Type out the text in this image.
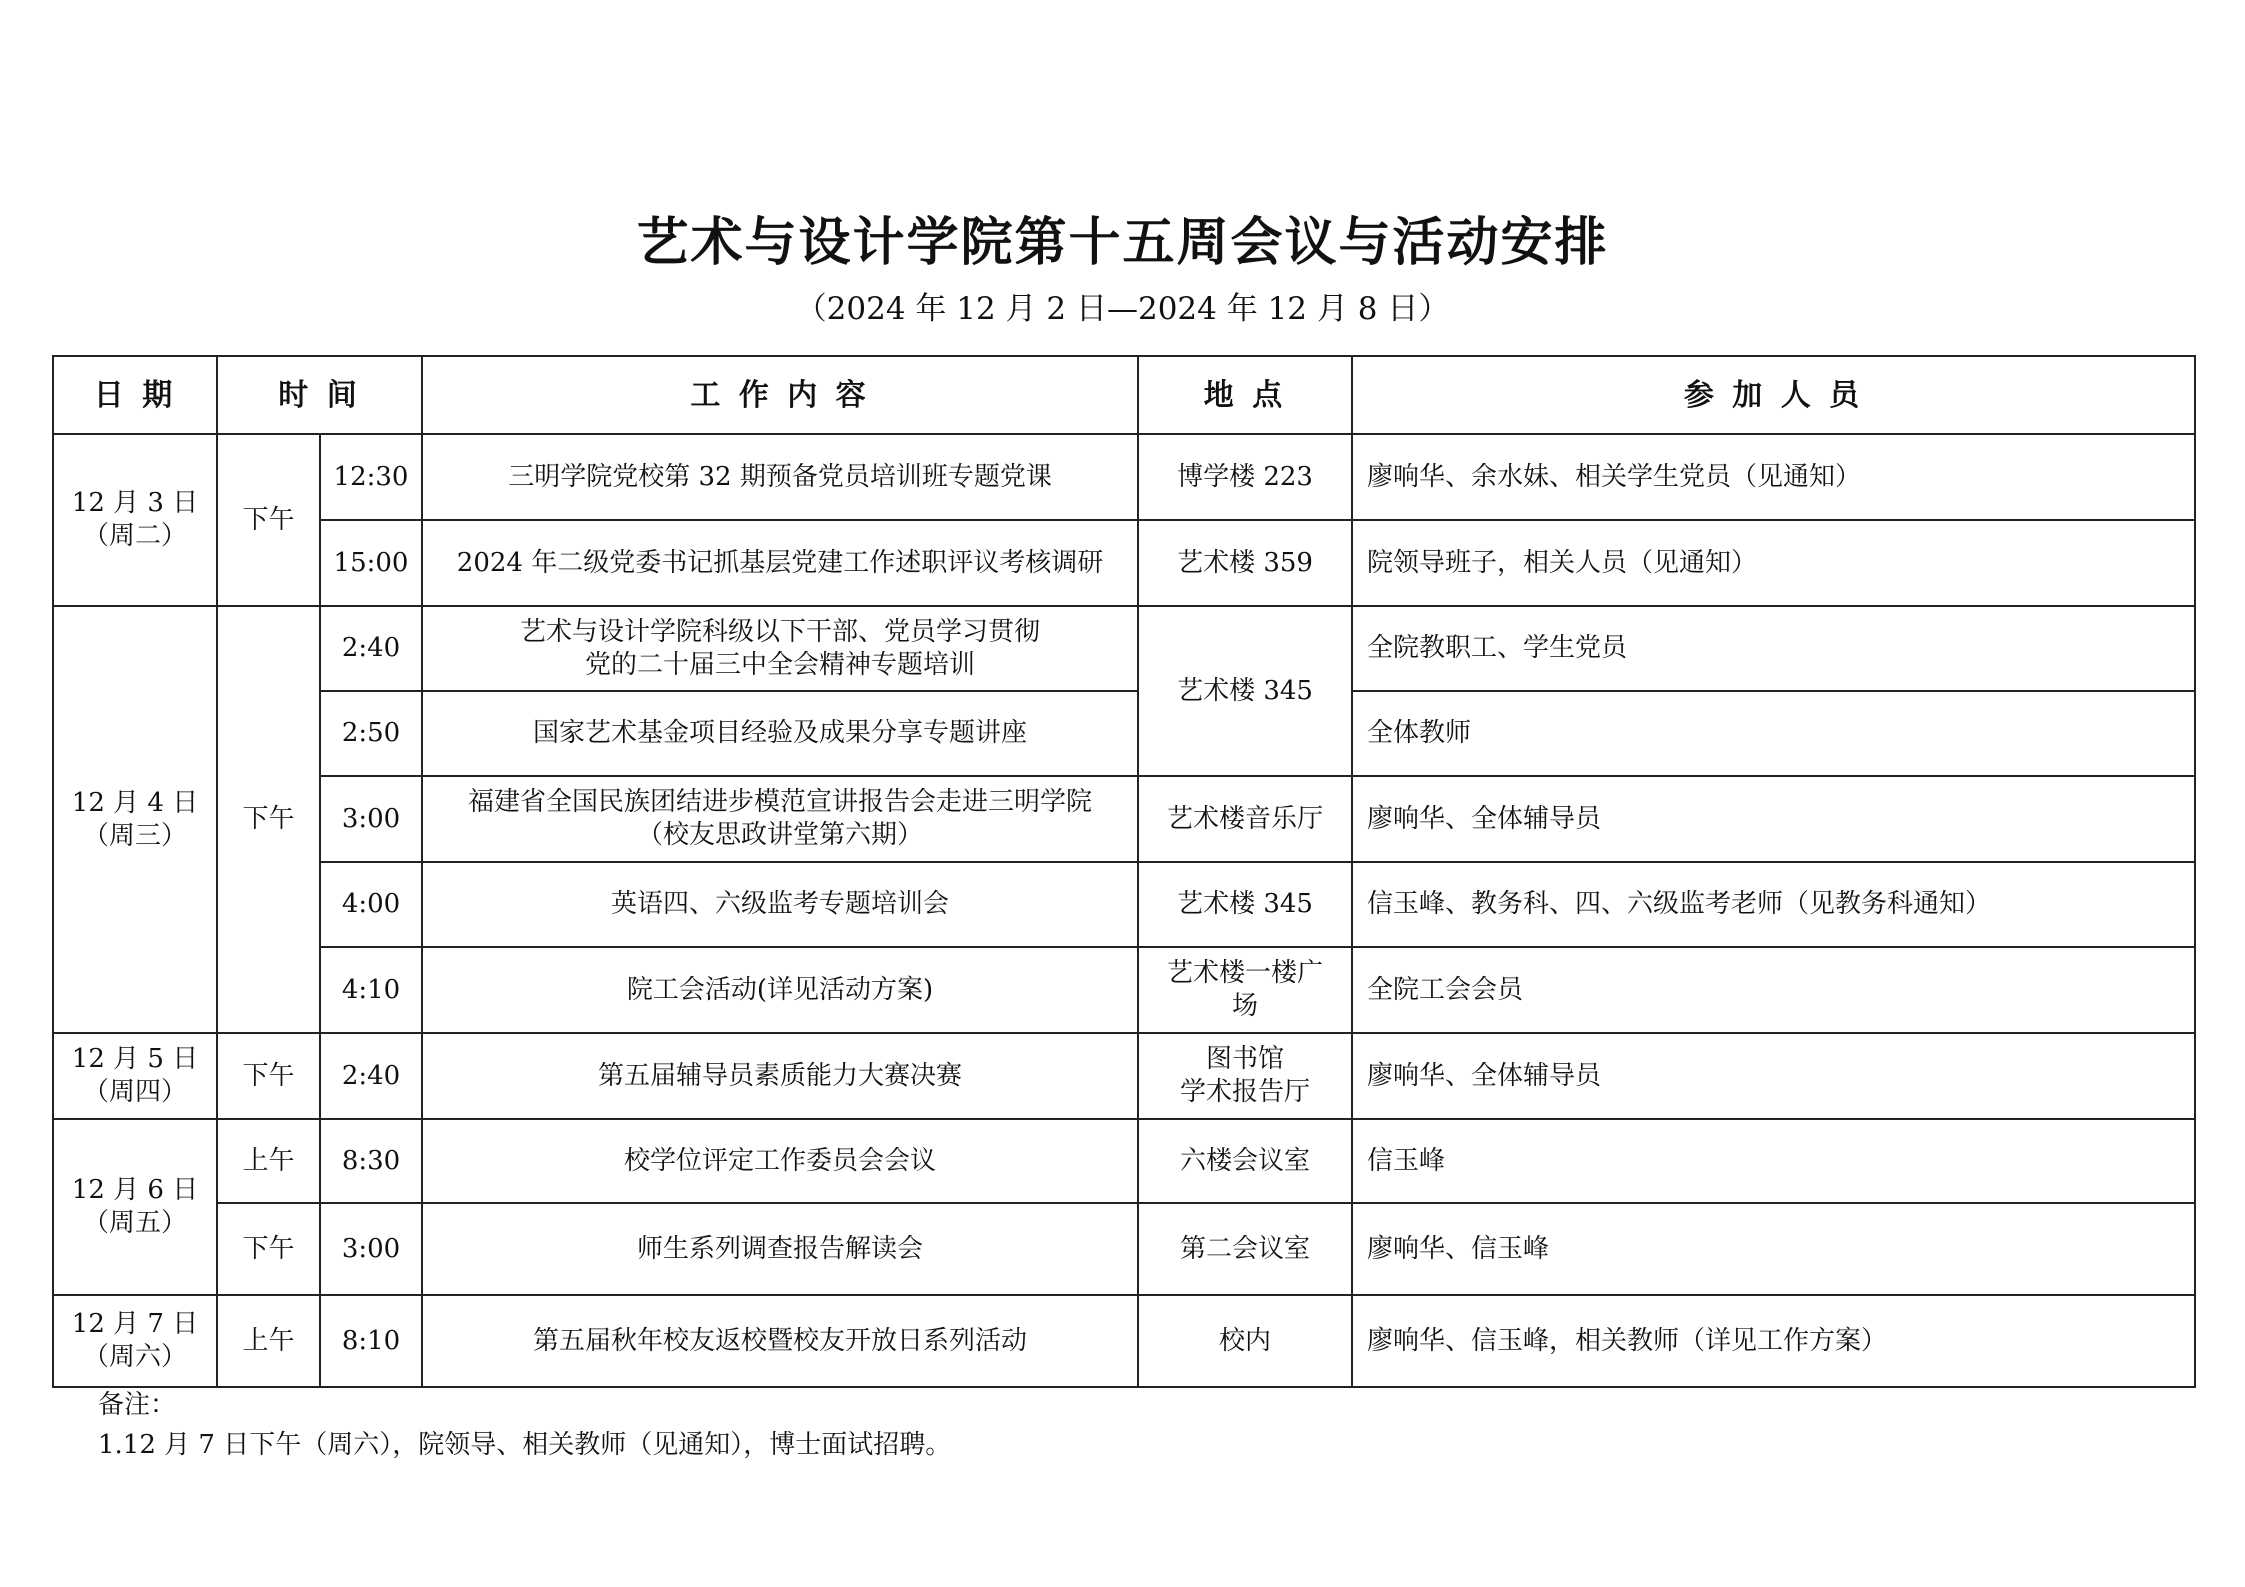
艺术与设计学院第十五周会议与活动安排
（2024 年 12 月 2 日—2024 年 12 月 8 日）
日 期	时 间		工 作 内 容	地 点	参 加 人 员

12 月 3 日
（周二）	下午	12:30	三明学院党校第 32 期预备党员培训班专题党课	博学楼 223	廖响华、余水妹、相关学生党员（见通知）
		15:00	2024 年二级党委书记抓基层党建工作述职评议考核调研	艺术楼 359	院领导班子，相关人员（见通知）

12 月 4 日
（周三）	下午	2:40	艺术与设计学院科级以下干部、党员学习贯彻
党的二十届三中全会精神专题培训	艺术楼 345	全院教职工、学生党员
		2:50	国家艺术基金项目经验及成果分享专题讲座		全体教师
		3:00	福建省全国民族团结进步模范宣讲报告会走进三明学院
（校友思政讲堂第六期）	艺术楼音乐厅	廖响华、全体辅导员
		4:00	英语四、六级监考专题培训会	艺术楼 345	信玉峰、教务科、四、六级监考老师（见教务科通知）
		4:10	院工会活动(详见活动方案)	艺术楼一楼广
场	全院工会会员

12 月 5 日
（周四）	下午	2:40	第五届辅导员素质能力大赛决赛	图书馆
学术报告厅	廖响华、全体辅导员

12 月 6 日
（周五）	上午	8:30	校学位评定工作委员会会议	六楼会议室	信玉峰
	下午	3:00	师生系列调查报告解读会	第二会议室	廖响华、信玉峰

12 月 7 日
（周六）	上午	8:10	第五届秋年校友返校暨校友开放日系列活动	校内	廖响华、信玉峰，相关教师（详见工作方案）
备注：
1.12 月 7 日下午（周六），院领导、相关教师（见通知），博士面试招聘。
